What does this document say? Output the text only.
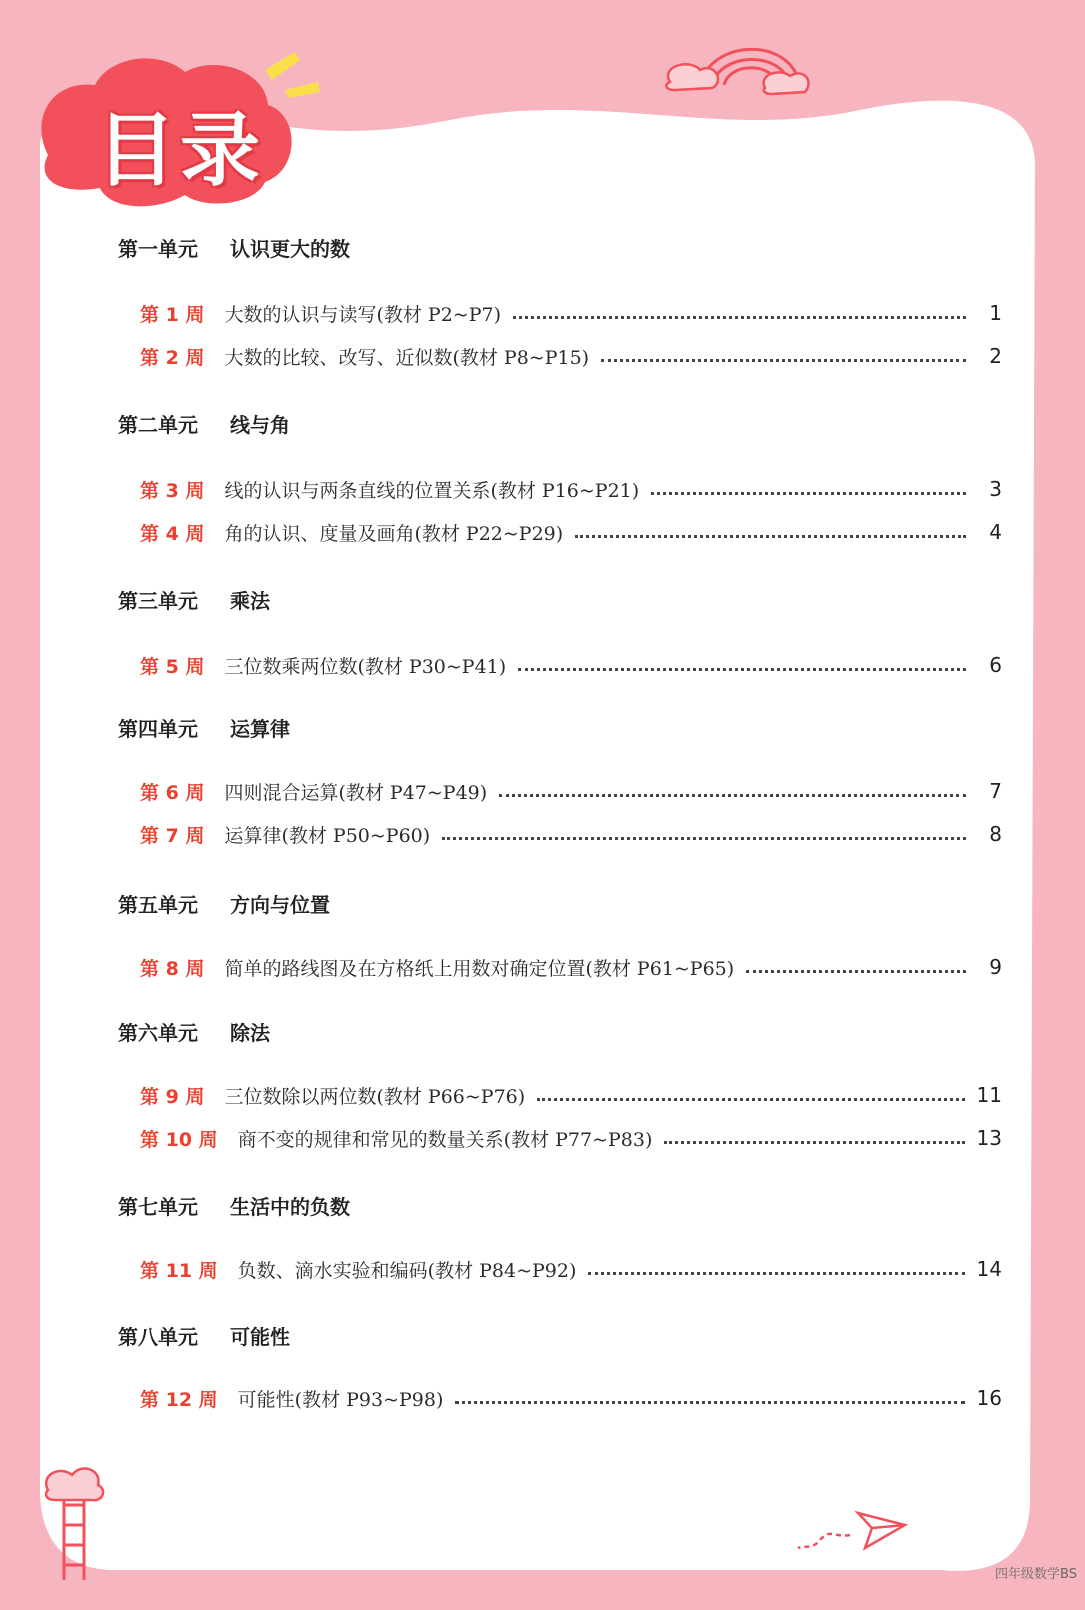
目录
第一单元	认识更大的数
第 1 周 大数的认识与读写(教材 P2~P7)	1
第 2 周 大数的比较、改写、近似数(教材 P8~P15)	2
第二单元	线与角
第 3 周 线的认识与两条直线的位置关系(教材 P16~P21)	3
第 4 周 角的认识、度量及画角(教材 P22~P29)	4
第三单元	乘法
第 5 周 三位数乘两位数(教材 P30~P41)	6
第四单元	运算律
第 6 周 四则混合运算(教材 P47~P49)	7
第 7 周 运算律(教材 P50~P60)	8
第五单元	方向与位置
第 8 周 简单的路线图及在方格纸上用数对确定位置(教材 P61~P65)	9
第六单元	除法
第 9 周 三位数除以两位数(教材 P66~P76)	11
第 10 周 商不变的规律和常见的数量关系(教材 P77~P83)	13
第七单元	生活中的负数
第 11 周 负数、滴水实验和编码(教材 P84~P92)	14
第八单元	可能性
第 12 周 可能性(教材 P93~P98)	16
四年级数学BS
